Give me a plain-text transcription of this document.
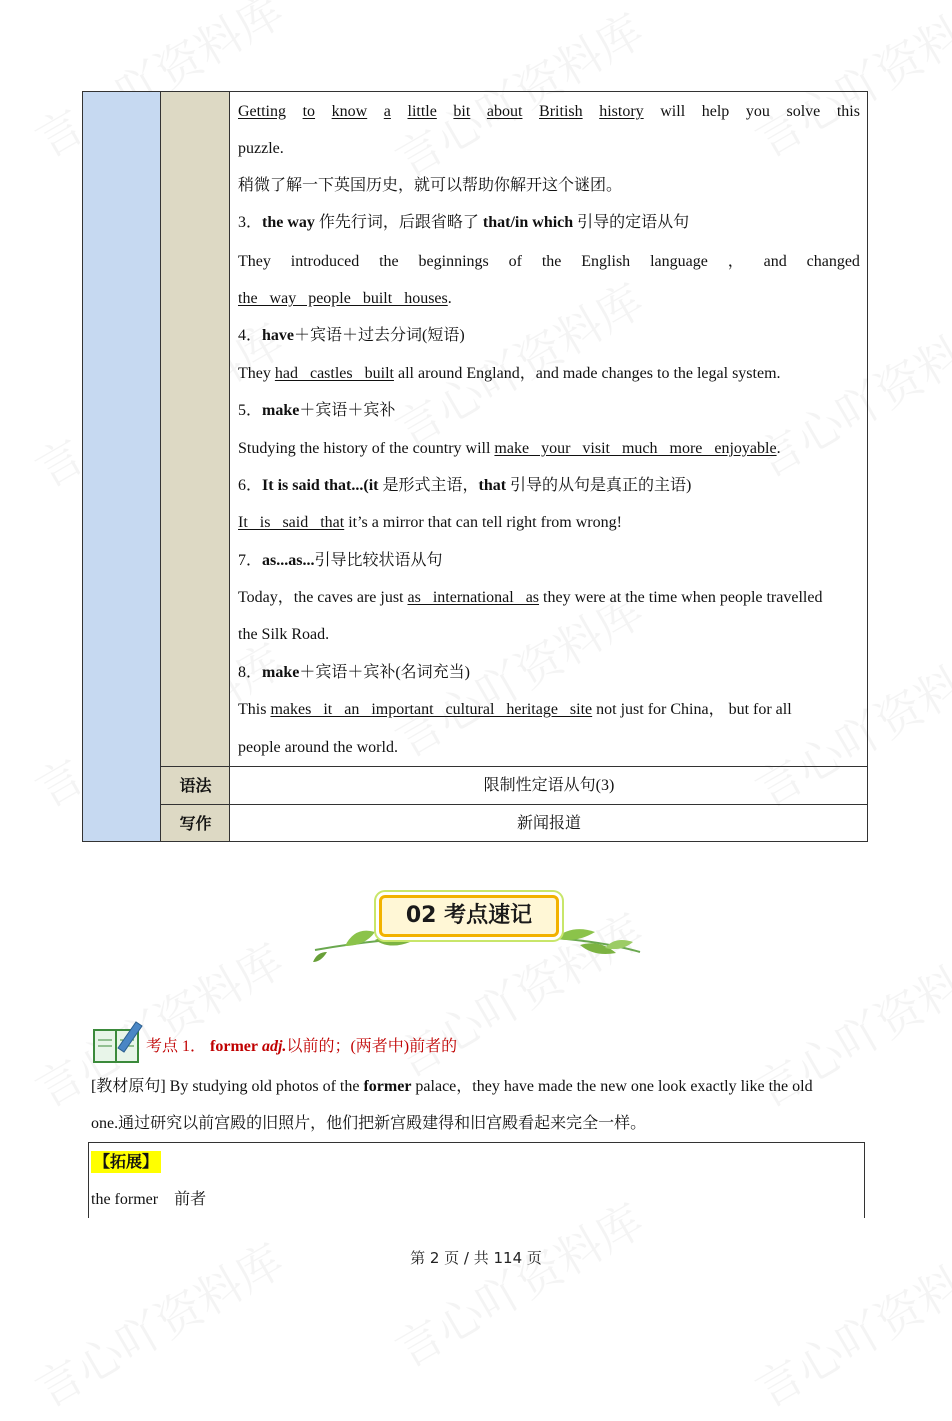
Getting to know a little bit about British history will help you solve this
puzzle.
稍微了解一下英国历史，就可以帮助你解开这个谜团。
3．the way 作先行词，后跟省略了 that/in which 引导的定语从句
They introduced the beginnings of the English language ， and changed
the   way   people   built   houses.
4．have＋宾语＋过去分词(短语)
They had   castles   built all around England，and made changes to the legal system.
5．make＋宾语＋宾补
Studying the history of the country will make   your   visit   much   more   enjoyable.
6．It is said that...(it 是形式主语，that 引导的从句是真正的主语)
It   is   said   that it’s a mirror that can tell right from wrong!
7．as...as...引导比较状语从句
Today，the caves are just as   international   as they were at the time when people travelled
the Silk Road.
8．make＋宾语＋宾补(名词充当)
This makes   it   an   important   cultural   heritage   site not just for China， but for all
people around the world.
语法	限制性定语从句(3)
写作	新闻报道
02 考点速记
考点 1． former adj.以前的；(两者中)前者的
[教材原句] By studying old photos of the former palace，they have made the new one look exactly like the old
one.通过研究以前宫殿的旧照片，他们把新宫殿建得和旧宫殿看起来完全一样。
【拓展】
the former    前者
第 2 页 / 共 114 页
